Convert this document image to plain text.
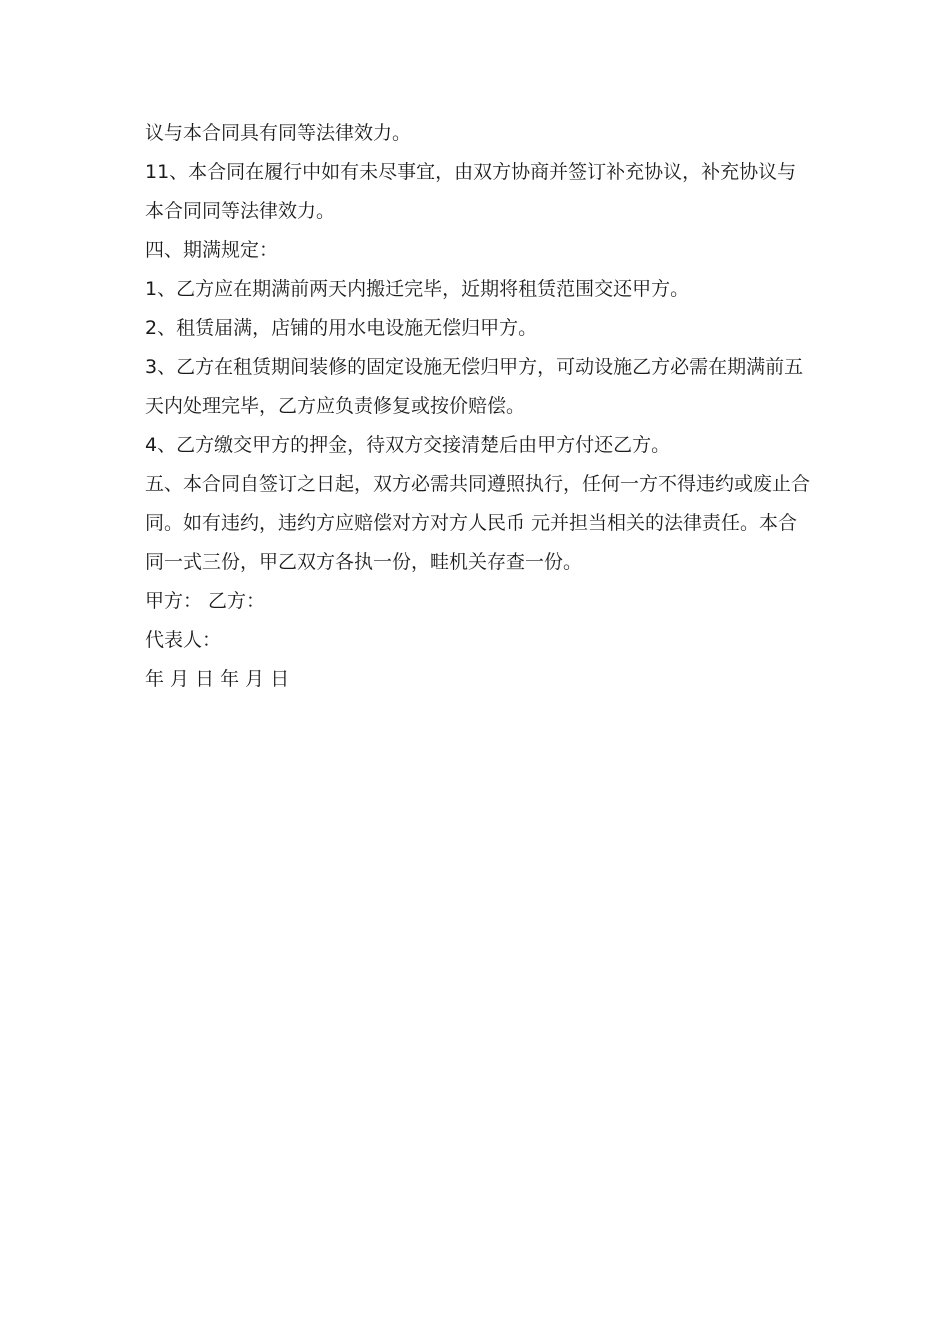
议与本合同具有同等法律效力。

11、本合同在履行中如有未尽事宜，由双方协商并签订补充协议，补充协议与本合同同等法律效力。

四、期满规定：

1、乙方应在期满前两天内搬迁完毕，近期将租赁范围交还甲方。

2、租赁届满，店铺的用水电设施无偿归甲方。

3、乙方在租赁期间装修的固定设施无偿归甲方，可动设施乙方必需在期满前五天内处理完毕，乙方应负责修复或按价赔偿。

4、乙方缴交甲方的押金，待双方交接清楚后由甲方付还乙方。

五、本合同自签订之日起，双方必需共同遵照执行，任何一方不得违约或废止合同。如有违约，违约方应赔偿对方对方人民币 元并担当相关的法律责任。本合同一式三份，甲乙双方各执一份，畦机关存查一份。

甲方： 乙方：

代表人：

年 月 日 年 月 日
